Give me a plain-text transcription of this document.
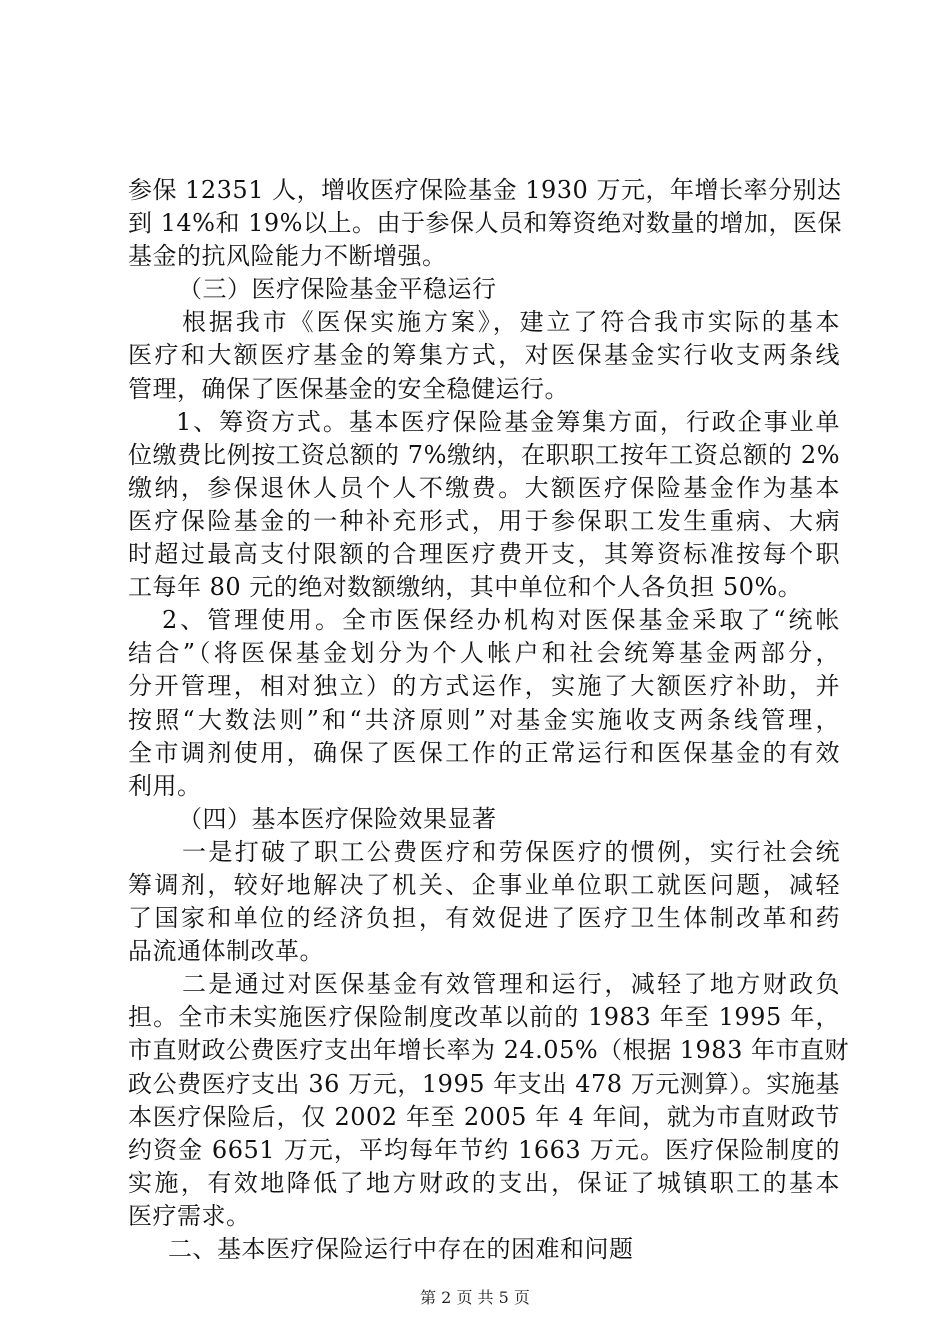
参保 12351 人，增收医疗保险基金 1930 万元，年增长率分别达
到 14%和 19%以上。由于参保人员和筹资绝对数量的增加，医保
基金的抗风险能力不断增强。
（三）医疗保险基金平稳运行
根据我市《医保实施方案》，建立了符合我市实际的基本
医疗和大额医疗基金的筹集方式，对医保基金实行收支两条线
管理，确保了医保基金的安全稳健运行。
1、筹资方式。基本医疗保险基金筹集方面，行政企事业单
位缴费比例按工资总额的 7%缴纳，在职职工按年工资总额的 2%
缴纳，参保退休人员个人不缴费。大额医疗保险基金作为基本
医疗保险基金的一种补充形式，用于参保职工发生重病、大病
时超过最高支付限额的合理医疗费开支，其筹资标准按每个职
工每年 80 元的绝对数额缴纳，其中单位和个人各负担 50%。
2、管理使用。全市医保经办机构对医保基金采取了“统帐
结合”（将医保基金划分为个人帐户和社会统筹基金两部分，
分开管理，相对独立）的方式运作，实施了大额医疗补助，并
按照“大数法则”和“共济原则”对基金实施收支两条线管理，
全市调剂使用，确保了医保工作的正常运行和医保基金的有效
利用。
（四）基本医疗保险效果显著
一是打破了职工公费医疗和劳保医疗的惯例，实行社会统
筹调剂，较好地解决了机关、企事业单位职工就医问题，减轻
了国家和单位的经济负担，有效促进了医疗卫生体制改革和药
品流通体制改革。
二是通过对医保基金有效管理和运行，减轻了地方财政负
担。全市未实施医疗保险制度改革以前的 1983 年至 1995 年，
市直财政公费医疗支出年增长率为 24.05%（根据 1983 年市直财
政公费医疗支出 36 万元，1995 年支出 478 万元测算）。实施基
本医疗保险后，仅 2002 年至 2005 年 4 年间，就为市直财政节
约资金 6651 万元，平均每年节约 1663 万元。医疗保险制度的
实施，有效地降低了地方财政的支出，保证了城镇职工的基本
医疗需求。
二、基本医疗保险运行中存在的困难和问题
第 2 页 共 5 页
